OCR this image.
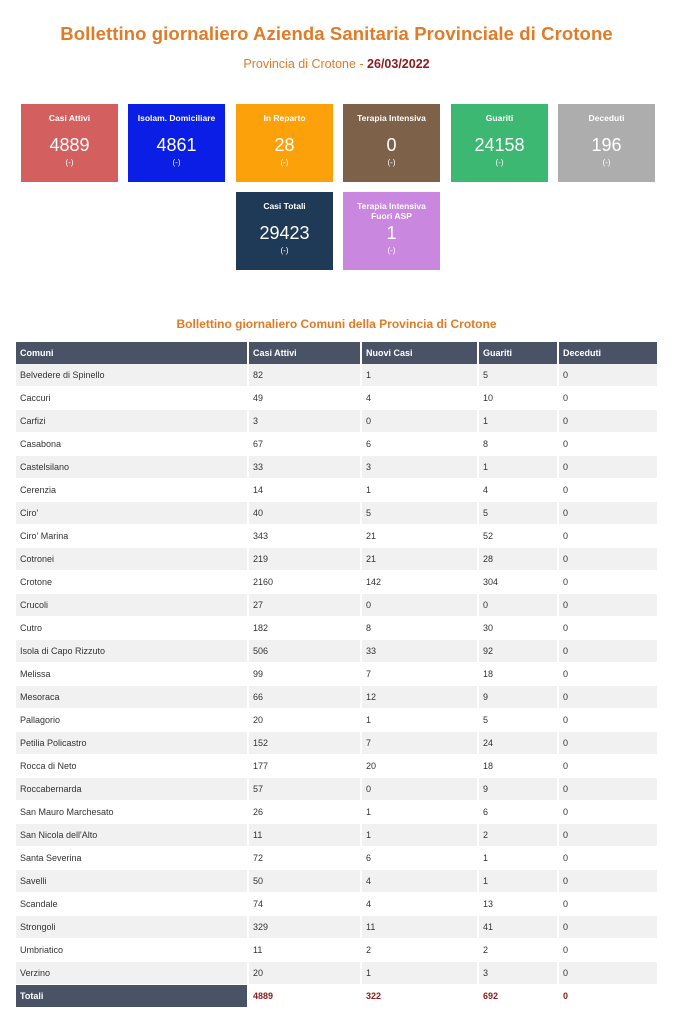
Bollettino giornaliero Azienda Sanitaria Provinciale di Crotone
Provincia di Crotone - 26/03/2022
Casi Attivi
4889
(-)
Isolam. Domiciliare
4861
(-)
In Reparto
28
(-)
Terapia Intensiva
0
(-)
Guariti
24158
(-)
Deceduti
196
(-)
Casi Totali
29423
(-)
Terapia Intensiva Fuori ASP
1
(-)
Bollettino giornaliero Comuni della Provincia di Crotone
Comuni	Casi Attivi	Nuovi Casi	Guariti	Deceduti
Belvedere di Spinello	82	1	5	0
Caccuri	49	4	10	0
Carfizi	3	0	1	0
Casabona	67	6	8	0
Castelsilano	33	3	1	0
Cerenzia	14	1	4	0
Ciro'	40	5	5	0
Ciro' Marina	343	21	52	0
Cotronei	219	21	28	0
Crotone	2160	142	304	0
Crucoli	27	0	0	0
Cutro	182	8	30	0
Isola di Capo Rizzuto	506	33	92	0
Melissa	99	7	18	0
Mesoraca	66	12	9	0
Pallagorio	20	1	5	0
Petilia Policastro	152	7	24	0
Rocca di Neto	177	20	18	0
Roccabernarda	57	0	9	0
San Mauro Marchesato	26	1	6	0
San Nicola dell'Alto	11	1	2	0
Santa Severina	72	6	1	0
Savelli	50	4	1	0
Scandale	74	4	13	0
Strongoli	329	11	41	0
Umbriatico	11	2	2	0
Verzino	20	1	3	0
Totali	4889	322	692	0
